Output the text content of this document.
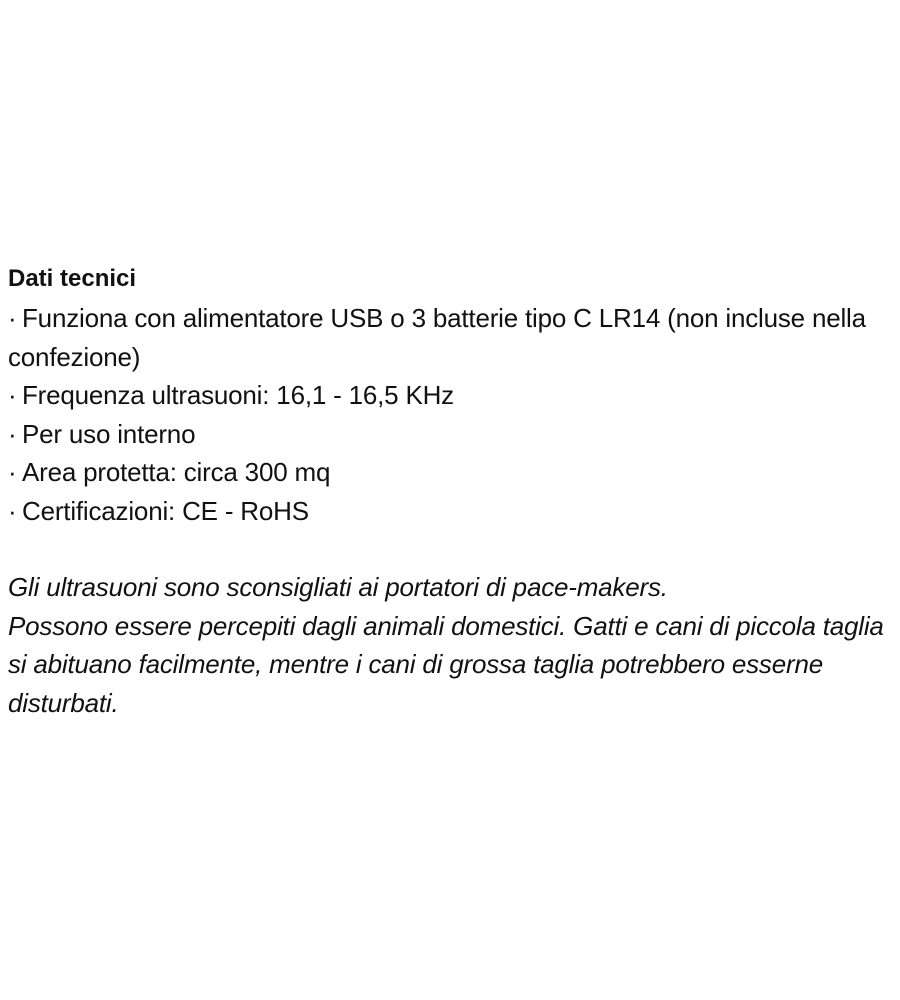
Dati tecnici
· Funziona con alimentatore USB o 3 batterie tipo C LR14 (non incluse nella confezione)
· Frequenza ultrasuoni: 16,1 - 16,5 KHz
· Per uso interno
· Area protetta: circa 300 mq
· Certificazioni: CE - RoHS

Gli ultrasuoni sono sconsigliati ai portatori di pace-makers.

Possono essere percepiti dagli animali domestici. Gatti e cani di piccola taglia si abituano facilmente, mentre i cani di grossa taglia potrebbero esserne disturbati.
